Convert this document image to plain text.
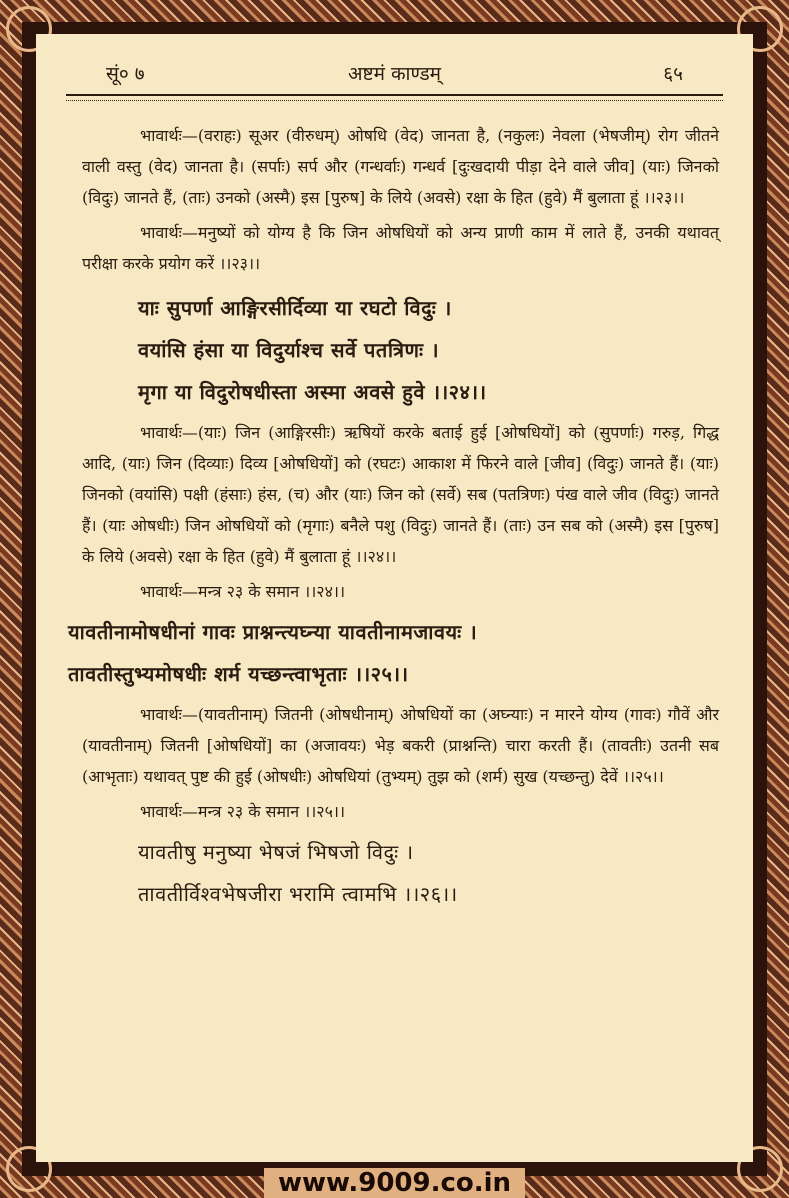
सूं० ७	अष्टमं काण्डम्	६५

भावार्थः—(वराहः) सूअर (वीरुधम्) ओषधि (वेद) जानता है, (नकुलः) नेवला (भेषजीम्) रोग जीतने वाली वस्तु (वेद) जानता है। (सर्पाः) सर्प और (गन्धर्वाः) गन्धर्व [दुःखदायी पीड़ा देने वाले जीव] (याः) जिनको (विदुः) जानते हैं, (ताः) उनको (अस्मै) इस [पुरुष] के लिये (अवसे) रक्षा के हित (हुवे) मैं बुलाता हूं ।।२३।।

भावार्थः—मनुष्यों को योग्य है कि जिन ओषधियों को अन्य प्राणी काम में लाते हैं, उनकी यथावत् परीक्षा करके प्रयोग करें ।।२३।।

याः सुपर्णा आङ्गिरसीर्दिव्या या रघटो विदुः ।
वयांसि हंसा या विदुर्याश्च सर्वे पतत्रिणः ।
मृगा या विदुरोषधीस्ता अस्मा अवसे हुवे ।।२४।।

भावार्थः—(याः) जिन (आङ्गिरसीः) ऋषियों करके बताई हुई [ओषधियों] को (सुपर्णाः) गरुड़, गिद्ध आदि, (याः) जिन (दिव्याः) दिव्य [ओषधियों] को (रघटः) आकाश में फिरने वाले [जीव] (विदुः) जानते हैं। (याः) जिनको (वयांसि) पक्षी (हंसाः) हंस, (च) और (याः) जिन को (सर्वे) सब (पतत्रिणः) पंख वाले जीव (विदुः) जानते हैं। (याः ओषधीः) जिन ओषधियों को (मृगाः) बनैले पशु (विदुः) जानते हैं। (ताः) उन सब को (अस्मै) इस [पुरुष] के लिये (अवसे) रक्षा के हित (हुवे) मैं बुलाता हूं ।।२४।।

भावार्थः—मन्त्र २३ के समान ।।२४।।

यावतीनामोषधीनां गावः प्राश्नन्त्यघ्न्या यावतीनामजावयः ।
तावतीस्तुभ्यमोषधीः शर्म यच्छन्त्वाभृताः ।।२५।।

भावार्थः—(यावतीनाम्) जितनी (ओषधीनाम्) ओषधियों का (अघ्न्याः) न मारने योग्य (गावः) गौवें और (यावतीनाम्) जितनी [ओषधियों] का (अजावयः) भेड़ बकरी (प्राश्नन्ति) चारा करती हैं। (तावतीः) उतनी सब (आभृताः) यथावत् पुष्ट की हुई (ओषधीः) ओषधियां (तुभ्यम्) तुझ को (शर्म) सुख (यच्छन्तु) देवें ।।२५।।

भावार्थः—मन्त्र २३ के समान ।।२५।।

यावतीषु मनुष्या भेषजं भिषजो विदुः ।
तावतीर्विश्वभेषजीरा भरामि त्वामभि ।।२६।।
www.9009.co.in
